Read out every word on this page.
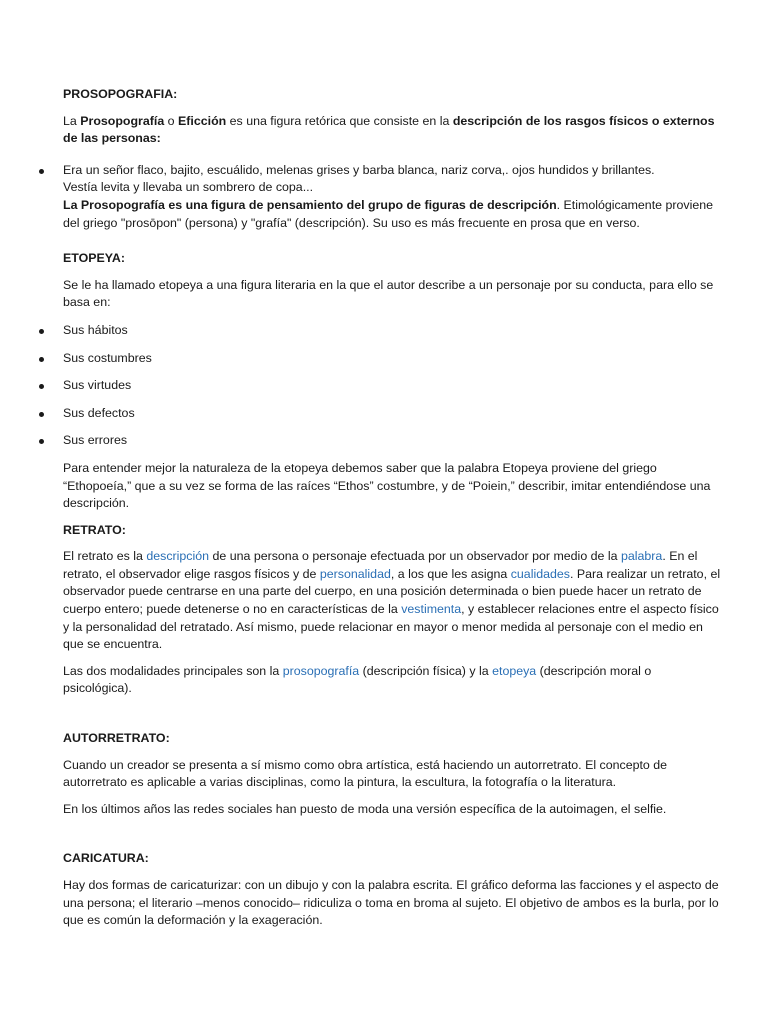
PROSOPOGRAFIA:

La Prosopografía o Eficción es una figura retórica que consiste en la descripción de los rasgos físicos o externos de las personas:

Era un señor flaco, bajito, escuálido, melenas grises y barba blanca, nariz corva,. ojos hundidos y brillantes.
Vestía levita y llevaba un sombrero de copa...
La Prosopografía es una figura de pensamiento del grupo de figuras de descripción. Etimológicamente proviene del griego "prosōpon" (persona) y "grafía" (descripción). Su uso es más frecuente en prosa que en verso.

ETOPEYA:

Se le ha llamado etopeya a una figura literaria en la que el autor describe a un personaje por su conducta, para ello se basa en:

Sus hábitos
Sus costumbres
Sus virtudes
Sus defectos
Sus errores

Para entender mejor la naturaleza de la etopeya debemos saber que la palabra Etopeya proviene del griego “Ethopoeía,” que a su vez se forma de las raíces “Ethos” costumbre, y de “Poiein,” describir, imitar entendiéndose una descripción.

RETRATO:

El retrato es la descripción de una persona o personaje efectuada por un observador por medio de la palabra. En el retrato, el observador elige rasgos físicos y de personalidad, a los que les asigna cualidades. Para realizar un retrato, el observador puede centrarse en una parte del cuerpo, en una posición determinada o bien puede hacer un retrato de cuerpo entero; puede detenerse o no en características de la vestimenta, y establecer relaciones entre el aspecto físico y la personalidad del retratado. Así mismo, puede relacionar en mayor o menor medida al personaje con el medio en que se encuentra.

Las dos modalidades principales son la prosopografía (descripción física) y la etopeya (descripción moral o psicológica).

AUTORRETRATO:

Cuando un creador se presenta a sí mismo como obra artística, está haciendo un autorretrato. El concepto de autorretrato es aplicable a varias disciplinas, como la pintura, la escultura, la fotografía o la literatura.

En los últimos años las redes sociales han puesto de moda una versión específica de la autoimagen, el selfie.

CARICATURA:

Hay dos formas de caricaturizar: con un dibujo y con la palabra escrita. El gráfico deforma las facciones y el aspecto de una persona; el literario –menos conocido– ridiculiza o toma en broma al sujeto. El objetivo de ambos es la burla, por lo que es común la deformación y la exageración.
